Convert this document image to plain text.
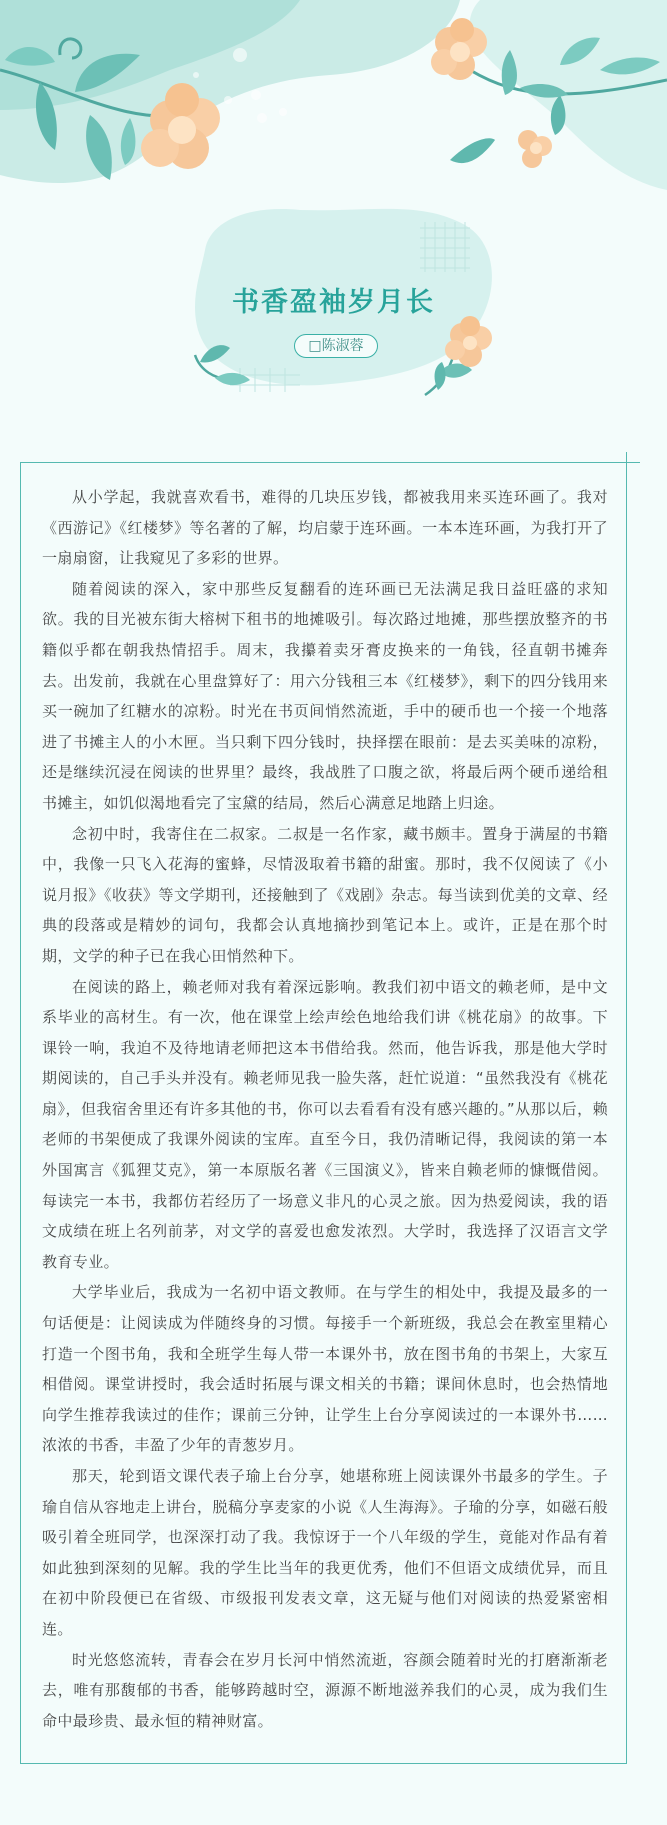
书香盈袖岁月长
□陈淑蓉

从小学起，我就喜欢看书，难得的几块压岁钱，都被我用来买连环画了。我对《西游记》《红楼梦》等名著的了解，均启蒙于连环画。一本本连环画，为我打开了一扇扇窗，让我窥见了多彩的世界。

随着阅读的深入，家中那些反复翻看的连环画已无法满足我日益旺盛的求知欲。我的目光被东街大榕树下租书的地摊吸引。每次路过地摊，那些摆放整齐的书籍似乎都在朝我热情招手。周末，我攥着卖牙膏皮换来的一角钱，径直朝书摊奔去。出发前，我就在心里盘算好了：用六分钱租三本《红楼梦》，剩下的四分钱用来买一碗加了红糖水的凉粉。时光在书页间悄然流逝，手中的硬币也一个接一个地落进了书摊主人的小木匣。当只剩下四分钱时，抉择摆在眼前：是去买美味的凉粉，还是继续沉浸在阅读的世界里？最终，我战胜了口腹之欲，将最后两个硬币递给租书摊主，如饥似渴地看完了宝黛的结局，然后心满意足地踏上归途。

念初中时，我寄住在二叔家。二叔是一名作家，藏书颇丰。置身于满屋的书籍中，我像一只飞入花海的蜜蜂，尽情汲取着书籍的甜蜜。那时，我不仅阅读了《小说月报》《收获》等文学期刊，还接触到了《戏剧》杂志。每当读到优美的文章、经典的段落或是精妙的词句，我都会认真地摘抄到笔记本上。或许，正是在那个时期，文学的种子已在我心田悄然种下。

在阅读的路上，赖老师对我有着深远影响。教我们初中语文的赖老师，是中文系毕业的高材生。有一次，他在课堂上绘声绘色地给我们讲《桃花扇》的故事。下课铃一响，我迫不及待地请老师把这本书借给我。然而，他告诉我，那是他大学时期阅读的，自己手头并没有。赖老师见我一脸失落，赶忙说道：“虽然我没有《桃花扇》，但我宿舍里还有许多其他的书，你可以去看看有没有感兴趣的。”从那以后，赖老师的书架便成了我课外阅读的宝库。直至今日，我仍清晰记得，我阅读的第一本外国寓言《狐狸艾克》，第一本原版名著《三国演义》，皆来自赖老师的慷慨借阅。每读完一本书，我都仿若经历了一场意义非凡的心灵之旅。因为热爱阅读，我的语文成绩在班上名列前茅，对文学的喜爱也愈发浓烈。大学时，我选择了汉语言文学教育专业。

大学毕业后，我成为一名初中语文教师。在与学生的相处中，我提及最多的一句话便是：让阅读成为伴随终身的习惯。每接手一个新班级，我总会在教室里精心打造一个图书角，我和全班学生每人带一本课外书，放在图书角的书架上，大家互相借阅。课堂讲授时，我会适时拓展与课文相关的书籍；课间休息时，也会热情地向学生推荐我读过的佳作；课前三分钟，让学生上台分享阅读过的一本课外书……浓浓的书香，丰盈了少年的青葱岁月。

那天，轮到语文课代表子瑜上台分享，她堪称班上阅读课外书最多的学生。子瑜自信从容地走上讲台，脱稿分享麦家的小说《人生海海》。子瑜的分享，如磁石般吸引着全班同学，也深深打动了我。我惊讶于一个八年级的学生，竟能对作品有着如此独到深刻的见解。我的学生比当年的我更优秀，他们不但语文成绩优异，而且在初中阶段便已在省级、市级报刊发表文章，这无疑与他们对阅读的热爱紧密相连。

时光悠悠流转，青春会在岁月长河中悄然流逝，容颜会随着时光的打磨渐渐老去，唯有那馥郁的书香，能够跨越时空，源源不断地滋养我们的心灵，成为我们生命中最珍贵、最永恒的精神财富。
